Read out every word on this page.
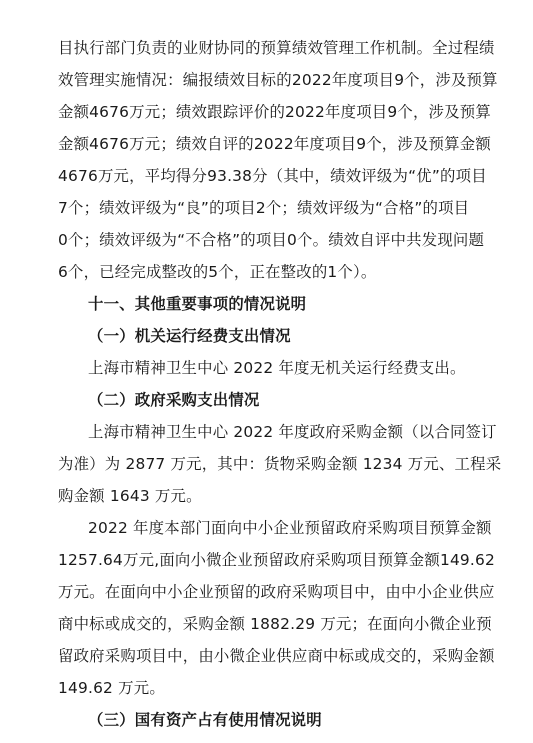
目执行部门负责的业财协同的预算绩效管理工作机制。全过程绩
效管理实施情况：编报绩效目标的2022年度项目9个，涉及预算
金额4676万元；绩效跟踪评价的2022年度项目9个，涉及预算
金额4676万元；绩效自评的2022年度项目9个，涉及预算金额
4676万元，平均得分93.38分（其中，绩效评级为“优”的项目
7个；绩效评级为“良”的项目2个；绩效评级为“合格”的项目
0个；绩效评级为“不合格”的项目0个。绩效自评中共发现问题
6个，已经完成整改的5个，正在整改的1个）。
十一、其他重要事项的情况说明
（一）机关运行经费支出情况
上海市精神卫生中心 2022 年度无机关运行经费支出。
（二）政府采购支出情况
上海市精神卫生中心 2022 年度政府采购金额（以合同签订
为准）为 2877 万元，其中：货物采购金额 1234 万元、工程采
购金额 1643 万元。
2022 年度本部门面向中小企业预留政府采购项目预算金额
1257.64万元,面向小微企业预留政府采购项目预算金额149.62
万元。在面向中小企业预留的政府采购项目中，由中小企业供应
商中标或成交的，采购金额 1882.29 万元；在面向小微企业预
留政府采购项目中，由小微企业供应商中标或成交的，采购金额
149.62 万元。
（三）国有资产占有使用情况说明
